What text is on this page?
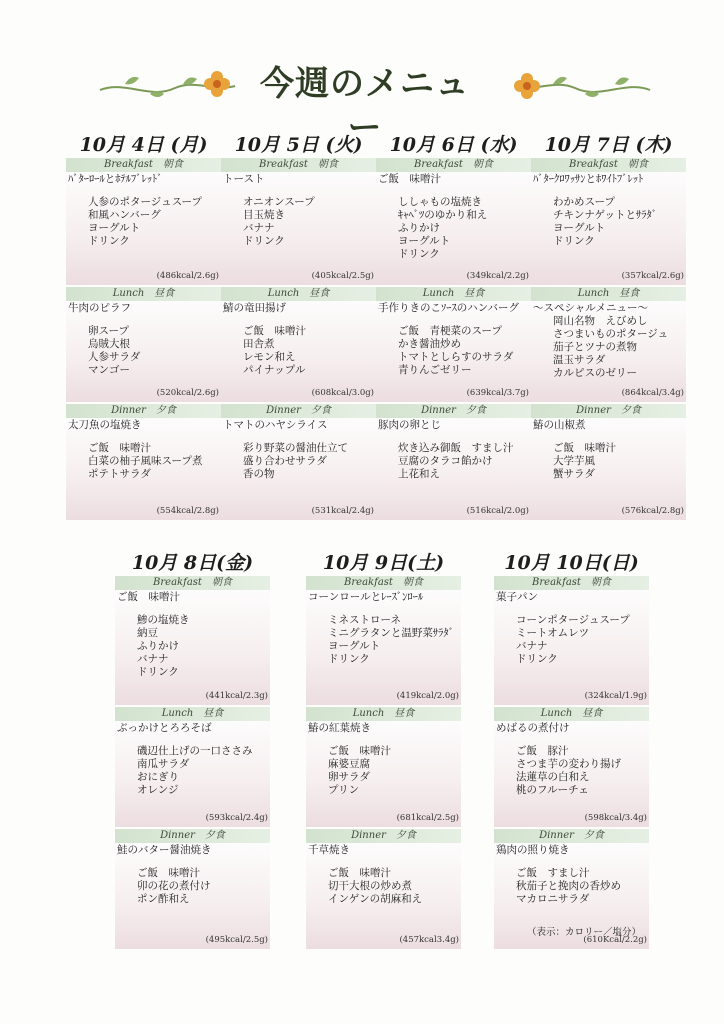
今週のメニュー
10月 4日 (月)
Breakfast　朝食
ﾊﾞﾀｰﾛｰﾙとﾎﾃﾙﾌﾞﾚｯﾄﾞ
人参のポタージュスープ
和風ハンバーグ
ヨーグルト
ドリンク
(486kcal/2.6g)
Lunch　昼食
牛肉のピラフ
卵スープ
烏賊大根
人参サラダ
マンゴー
(520kcal/2.6g)
Dinner　夕食
太刀魚の塩焼き
ご飯　味噌汁
白菜の柚子風味スープ煮
ポテトサラダ
(554kcal/2.8g)
10月 5日 (火)
Breakfast　朝食
トースト
オニオンスープ
目玉焼き
バナナ
ドリンク
(405kcal/2.5g)
Lunch　昼食
鯖の竜田揚げ
ご飯　味噌汁
田舎煮
レモン和え
パイナップル
(608kcal/3.0g)
Dinner　夕食
トマトのハヤシライス
彩り野菜の醤油仕立て
盛り合わせサラダ
香の物
(531kcal/2.4g)
10月 6日 (水)
Breakfast　朝食
ご飯　味噌汁
ししゃもの塩焼き
ｷｬﾍﾞﾂのゆかり和え
ふりかけ
ヨーグルト
ドリンク
(349kcal/2.2g)
Lunch　昼食
手作りきのこｿｰｽのハンバーグ
ご飯　青梗菜のスープ
かき醤油炒め
トマトとしらすのサラダ
青りんごゼリー
(639kcal/3.7g)
Dinner　夕食
豚肉の卵とじ
炊き込み御飯　すまし汁
豆腐のタラコ餡かけ
上花和え
(516kcal/2.0g)
10月 7日 (木)
Breakfast　朝食
ﾊﾞﾀｰｸﾛﾜｯｻﾝとﾎﾜｲﾄﾌﾞﾚｯﾄ
わかめスープ
チキンナゲットとｻﾗﾀﾞ
ヨーグルト
ドリンク
(357kcal/2.6g)
Lunch　昼食
～スペシャルメニュー～
岡山名物　えびめし
さつまいものポタージュ
茄子とツナの煮物
温玉サラダ
カルピスのゼリー
(864kcal/3.4g)
Dinner　夕食
鰆の山椒煮
ご飯　味噌汁
大学芋風
蟹サラダ
(576kcal/2.8g)
10月 8日(金)
Breakfast　朝食
ご飯　味噌汁
鯵の塩焼き
納豆
ふりかけ
バナナ
ドリンク
(441kcal/2.3g)
Lunch　昼食
ぶっかけとろろそば
磯辺仕上げの一口ささみ
南瓜サラダ
おにぎり
オレンジ
(593kcal/2.4g)
Dinner　夕食
鮭のバター醤油焼き
ご飯　味噌汁
卯の花の煮付け
ポン酢和え
(495kcal/2.5g)
10月 9日(土)
Breakfast　朝食
コーンロールとﾚｰｽﾞﾝﾛｰﾙ
ミネストローネ
ミニグラタンと温野菜ｻﾗﾀﾞ
ヨーグルト
ドリンク
(419kcal/2.0g)
Lunch　昼食
鰆の紅葉焼き
ご飯　味噌汁
麻婆豆腐
卵サラダ
プリン
(681kcal/2.5g)
Dinner　夕食
千草焼き
ご飯　味噌汁
切干大根の炒め煮
インゲンの胡麻和え
(457kcal3.4g)
10月 10日(日)
Breakfast　朝食
菓子パン
コーンポタージュスープ
ミートオムレツ
バナナ
ドリンク
(324kcal/1.9g)
Lunch　昼食
めばるの煮付け
ご飯　豚汁
さつま芋の変わり揚げ
法蓮草の白和え
桃のフルーチェ
(598kcal/3.4g)
Dinner　夕食
鶏肉の照り焼き
ご飯　すまし汁
秋茄子と挽肉の香炒め
マカロニサラダ
(610Kcal/2.2g)
（表示：カロリー／塩分）
